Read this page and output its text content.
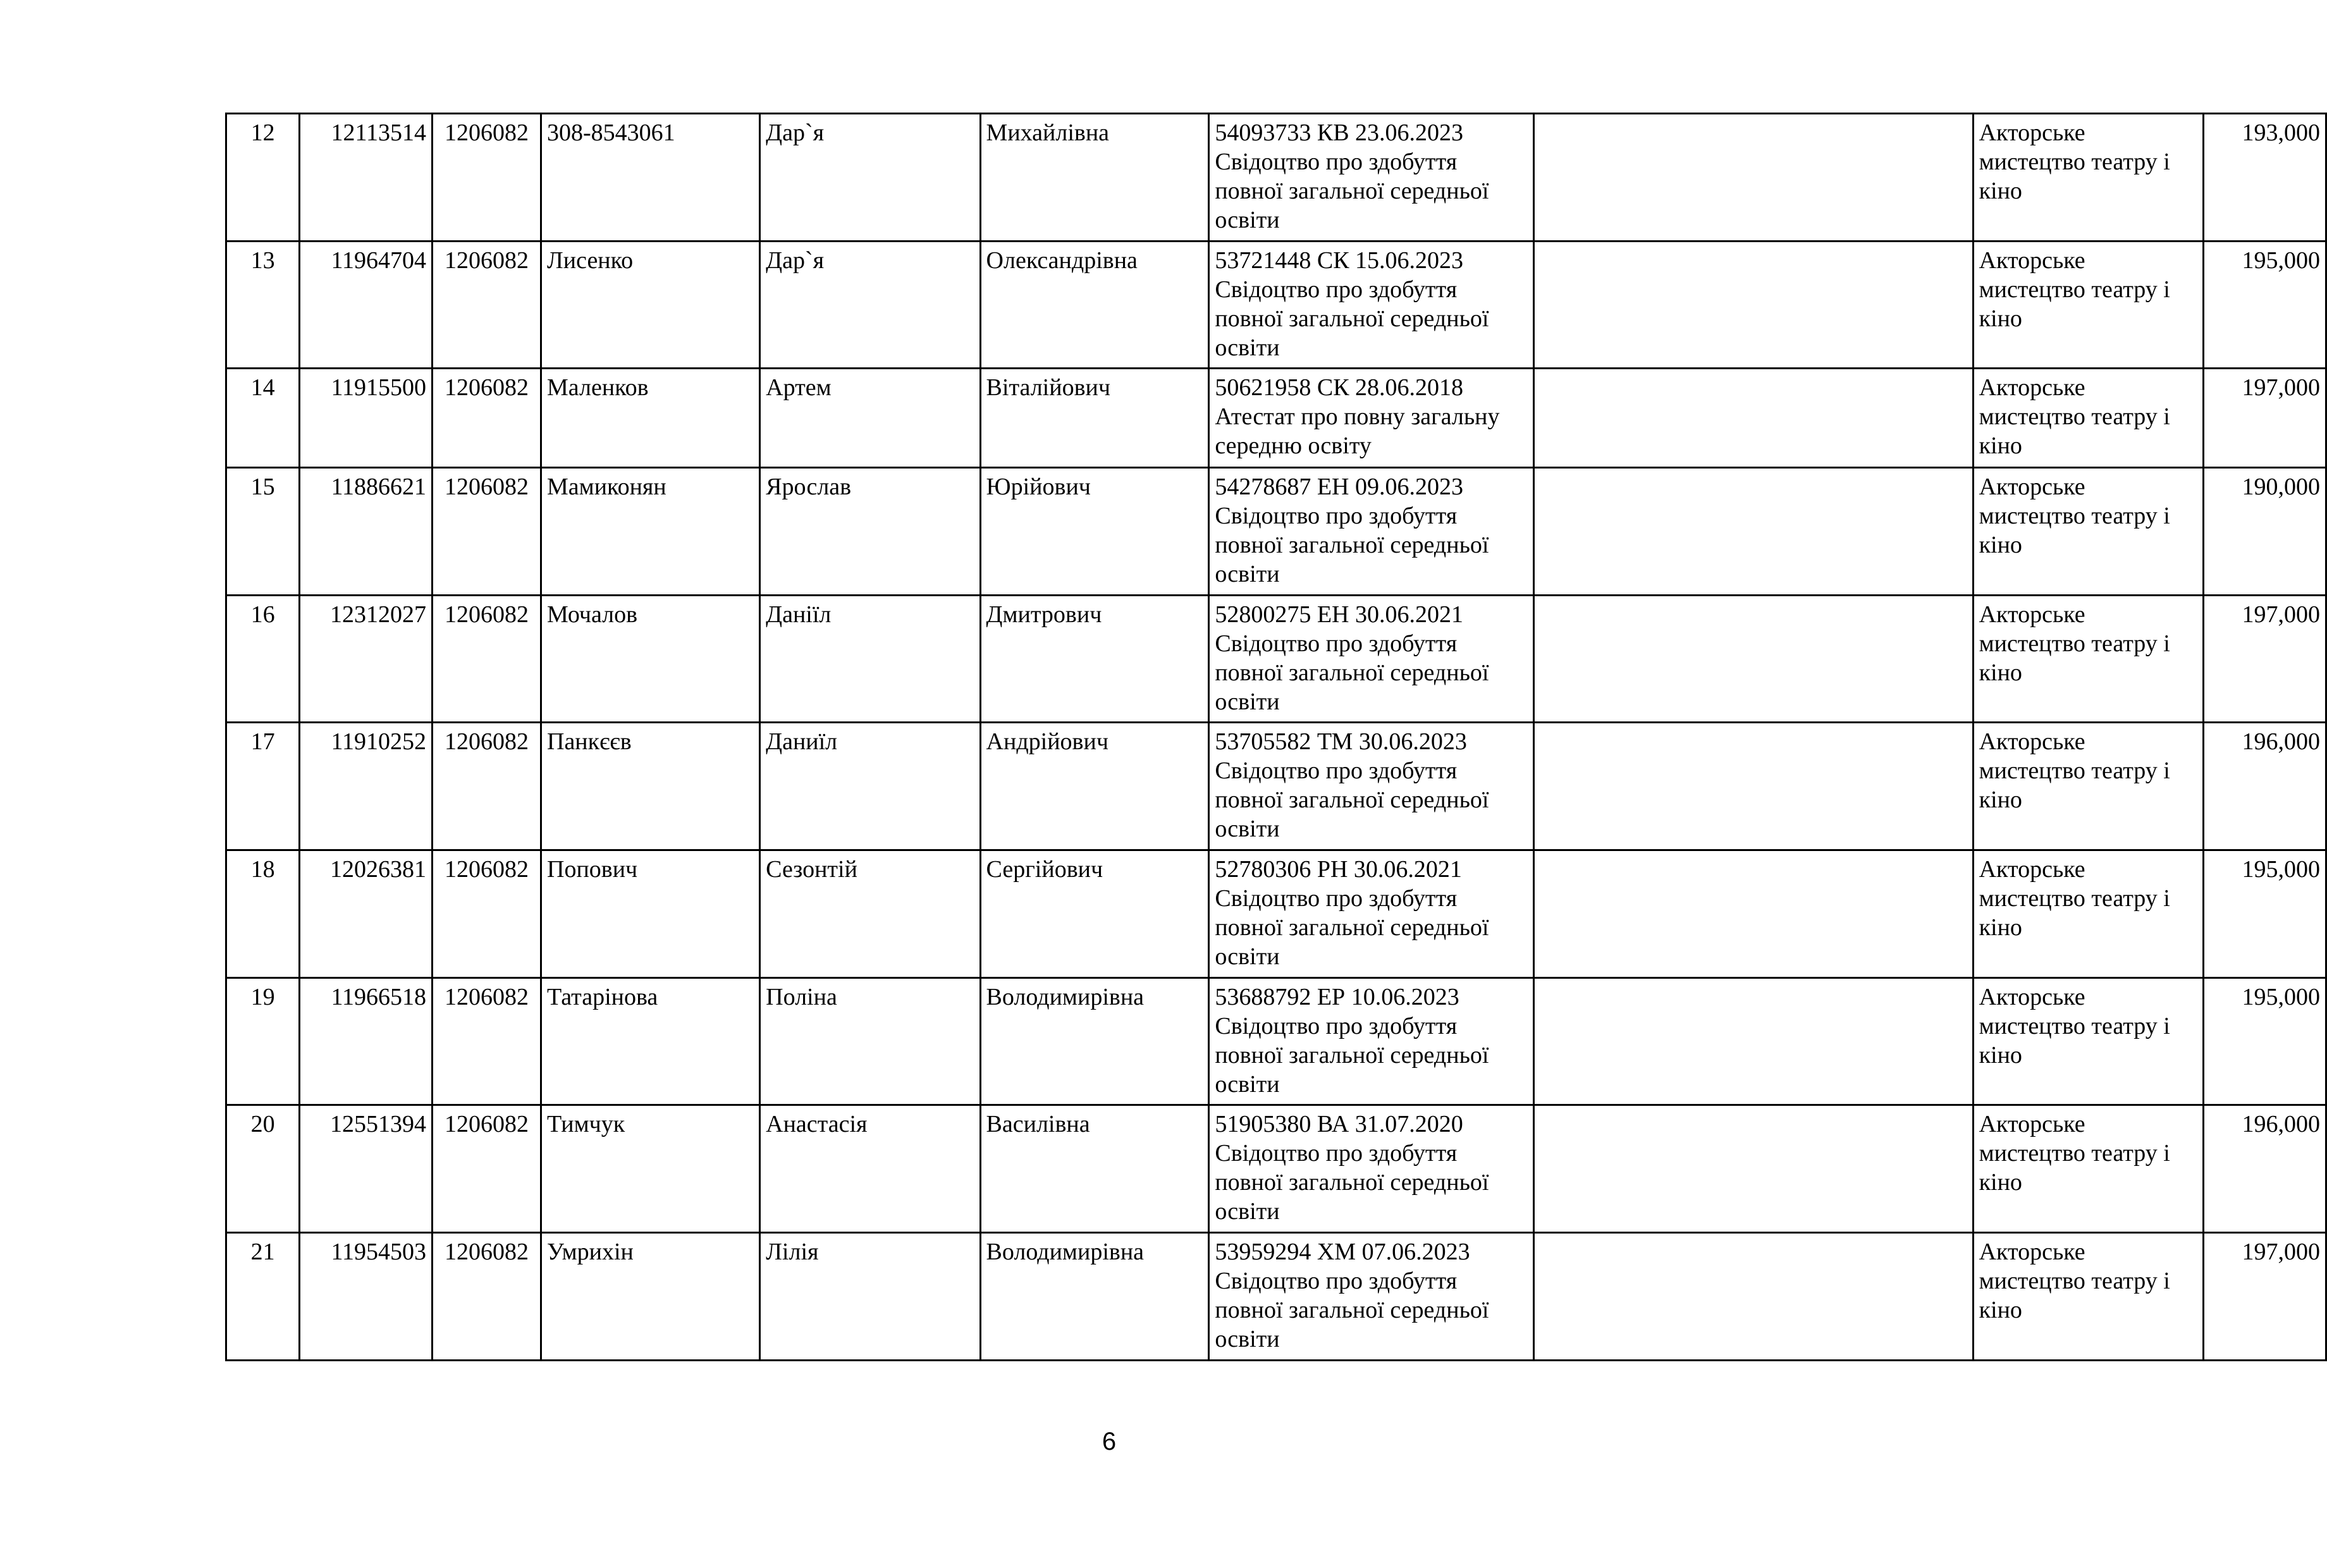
12	12113514	1206082	308-8543061	Дар`я	Михайлівна	54093733 КВ 23.06.2023 Свідоцтво про здобуття повної загальної середньої освіти		Акторське мистецтво театру і кіно	193,000
13	11964704	1206082	Лисенко	Дар`я	Олександрівна	53721448 СК 15.06.2023 Свідоцтво про здобуття повної загальної середньої освіти		Акторське мистецтво театру і кіно	195,000
14	11915500	1206082	Маленков	Артем	Віталійович	50621958 СК 28.06.2018 Атестат про повну загальну середню освіту		Акторське мистецтво театру і кіно	197,000
15	11886621	1206082	Мамиконян	Ярослав	Юрійович	54278687 ЕН 09.06.2023 Свідоцтво про здобуття повної загальної середньої освіти		Акторське мистецтво театру і кіно	190,000
16	12312027	1206082	Мочалов	Даніїл	Дмитрович	52800275 ЕН 30.06.2021 Свідоцтво про здобуття повної загальної середньої освіти		Акторське мистецтво театру і кіно	197,000
17	11910252	1206082	Панкєєв	Даниїл	Андрійович	53705582 ТМ 30.06.2023 Свідоцтво про здобуття повної загальної середньої освіти		Акторське мистецтво театру і кіно	196,000
18	12026381	1206082	Попович	Сезонтій	Сергійович	52780306 РН 30.06.2021 Свідоцтво про здобуття повної загальної середньої освіти		Акторське мистецтво театру і кіно	195,000
19	11966518	1206082	Татарінова	Поліна	Володимирівна	53688792 ЕР 10.06.2023 Свідоцтво про здобуття повної загальної середньої освіти		Акторське мистецтво театру і кіно	195,000
20	12551394	1206082	Тимчук	Анастасія	Василівна	51905380 ВА 31.07.2020 Свідоцтво про здобуття повної загальної середньої освіти		Акторське мистецтво театру і кіно	196,000
21	11954503	1206082	Умрихін	Лілія	Володимирівна	53959294 ХМ 07.06.2023 Свідоцтво про здобуття повної загальної середньої освіти		Акторське мистецтво театру і кіно	197,000
6
